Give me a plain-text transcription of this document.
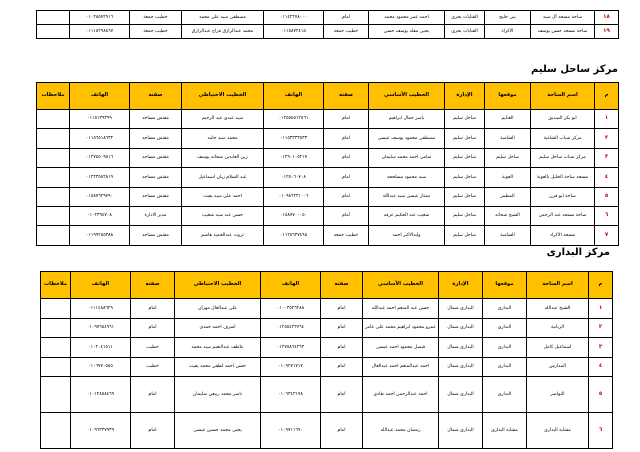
١٨	ساحة مسجد آل سيد	بنى خليج	القنايات بحرى	احمد عمر محمود محمد	امام	٠١١٤٢٢٧٨٠٠٠	مصطفى سيد على محمد	خطيب جمعة	٠١٠٢٨٥٧٢٩١٦	
١٩	ساحة مسجد حسن يوسف	الاكراد	القنايات بحرى	يحيى مقلد يوسف حسن	خطيب جمعة	٠١١٥٨٧٢٤١٥	محمد عبدالرازق فراج عبدالرازق	خطيب جمعة	٠١١١٥٢٩٨٨٦٧	
مركز ساحل سليم
م	اسم الساحة	موقعها	الإدارة	الخطيب الأساسي	صفته	الهاتف	الخطيب الاحتياطي	صفته	الهاتف	ملاحظات
١	ابو بكر الصديق	الغنايم	ساحل سليم	ياسر جمال ابراهيم	امام	٠١٢٥٥٥٥١٢٥٦١	سيد عبدى عيد الرحيم	مفتش مساجد	٠١١٥١٣٩٣٩٩	
٢	مركز شباب الشامية	الشامية	ساحل سليم	مصطفى محمود يوسف عيسى	امام	٠١١٥٣٣٣٣٥٣٣	محمد سيد حامد	مفتش مساجد	٠١١٥٦٥١٨٦٣٢	
٣	مركز شباب ساحل سليم	ساحل سليم	ساحل سليم	سامى احمد محمد سليمان	امام	٠١٢٩٠١٠٥٢١٧	زين العابدين شحاته يوسف	مفتش مساجد	٠١٢٧٥٥٠٩٥١٦	
٤	مسجد ساحة الخليل بالعونة	العونة	ساحل سليم	سيد محمود مسلحجد	امام	٠١٢٥٠٦٠٧٠٨	عبد السلام زيان اسماعيل	مفتش مساجد	٠١٢٢٣٥٥٢٨١٩	
٥	ساحة ابو قرن	المطمر	ساحل سليم	ممتاز عيسى سيد عبدالله	امام	٠١٠٩٨٦٢٣١٠٠٦	احمد على سيد يفيت	مفتش مساجد	٠١٥٨٧٦٢٩٧٩٠	
٦	ساحة مسجد عبد الرحمن	الشيخ شحاته	ساحل سليم	شعيب عبد الحكيم عرفه	امام	٠١٥٨٧٧٠٠٠٥٠	حسن عبد سيد شعيب	مدير الادارة	٠١٠٢٣٩٤٧٠٨	
٧	مسجد الاكراد	الشامية	ساحل سليم	وليدالاكبر احمد	خطيب جمعه	٠١١٢٥٦٣٧٤٩٥	ثروت عبدالحميد هاشم	مفتش مساجد	٠١١٩٩٢٥٥٣٨٨	
مركز البدارى
م	اسم الساحة	موقعها	الإدارة	الخطيب الأساسي	صفته	الهاتف	الخطيب الاحتياطي	صفته	الهاتف	ملاحظات
١	الشيخ عبدالله	البدارى	البدارى شمال	حسن عبد المنعم احمد عبدالله	امام	٠١٠٠٣٥٢٦٢٨٨	على عبدالعال مهران	امام	٠١١١٤٨٨٦٢٩	
٢	الزنانية	البدارى	البدارى شمال	عمرو محمود ابراهيم محمد على عامر	امام	٠١٢٥٥٤٢٢٧٦٤	اشرف احمد حمدي	امام	٠١٠٩٧٦٥٤٩٦١	
٣	اسماعيل كامل	البدارى	البدارى شمال	قبصل محمود احمد عيسى	امام	٠١٢٧٥٨٦٤٢٦٣	عاطف عبدالنعيم سيد محمد	خطيب	٠١٠٢٠٤١٥١١	
٤	المدارس	البدارى	البدارى شمال	احمد عبدالمنعم احمد عبدالعال	امام	٠١٠٩٢٧١٧١٧	حسن احمد لطفي محمد يفيت	خطيب	٠١٠٦٧٧٠٥٥٥	
٥	النواصر	البدارى	البدارى شمال	احمد عبدالرحمن احمد نقادى	امام	٠١٠٦٣٤٣١٧٨	ناصر محمد ربيعي سليمان	امام	٠١٠١٢٨٥٨٤٦٩	
٦	مشايه البدارى	مشايه البدارى	البدارى شمال	رمضان محمد عبدالله	امام	٠١٠٩٧١١٦٩٠	يحيى محمد حسين عيسى	امام	٠١٠٩٦٣٣٧٩٣٩	
